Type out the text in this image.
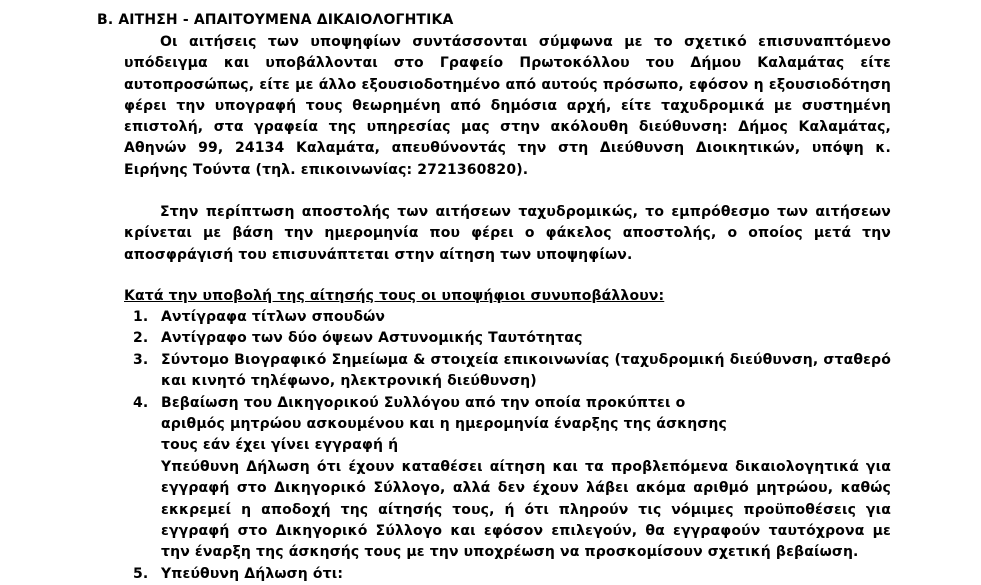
Β. ΑΙΤΗΣΗ - ΑΠΑΙΤΟΥΜΕΝΑ ΔΙΚΑΙΟΛΟΓΗΤΙΚΑ
Οι αιτήσεις των υποψηφίων συντάσσονται σύμφωνα με το σχετικό επισυναπτόμενο υπόδειγμα και υποβάλλονται στο Γραφείο Πρωτοκόλλου του Δήμου Καλαμάτας είτε αυτοπροσώπως, είτε με άλλο εξουσιοδοτημένο από αυτούς πρόσωπο, εφόσον η εξουσιοδότηση φέρει την υπογραφή τους θεωρημένη από δημόσια αρχή, είτε ταχυδρομικά με συστημένη επιστολή, στα γραφεία της υπηρεσίας μας στην ακόλουθη διεύθυνση: Δήμος Καλαμάτας, Αθηνών 99, 24134 Καλαμάτα, απευθύνοντάς την στη Διεύθυνση Διοικητικών, υπόψη κ. Ειρήνης Τούντα (τηλ. επικοινωνίας: 2721360820).
Στην περίπτωση αποστολής των αιτήσεων ταχυδρομικώς, το εμπρόθεσμο των αιτήσεων κρίνεται με βάση την ημερομηνία που φέρει ο φάκελος αποστολής, ο οποίος μετά την αποσφράγισή του επισυνάπτεται στην αίτηση των υποψηφίων.
Κατά την υποβολή της αίτησής τους οι υποψήφιοι συνυποβάλλουν:
1. Αντίγραφα τίτλων σπουδών
2. Αντίγραφο των δύο όψεων Αστυνομικής Ταυτότητας
3. Σύντομο Βιογραφικό Σημείωμα & στοιχεία επικοινωνίας (ταχυδρομική διεύθυνση, σταθερό και κινητό τηλέφωνο, ηλεκτρονική διεύθυνση)
4. Βεβαίωση του Δικηγορικού Συλλόγου από την οποία προκύπτει ο αριθμός μητρώου ασκουμένου και η ημερομηνία έναρξης της άσκησης τους εάν έχει γίνει εγγραφή ή
Υπεύθυνη Δήλωση ότι έχουν καταθέσει αίτηση και τα προβλεπόμενα δικαιολογητικά για εγγραφή στο Δικηγορικό Σύλλογο, αλλά δεν έχουν λάβει ακόμα αριθμό μητρώου, καθώς εκκρεμεί η αποδοχή της αίτησής τους, ή ότι πληρούν τις νόμιμες προϋποθέσεις για εγγραφή στο Δικηγορικό Σύλλογο και εφόσον επιλεγούν, θα εγγραφούν ταυτόχρονα με την έναρξη της άσκησής τους με την υποχρέωση να προσκομίσουν σχετική βεβαίωση.
5. Υπεύθυνη Δήλωση ότι:
